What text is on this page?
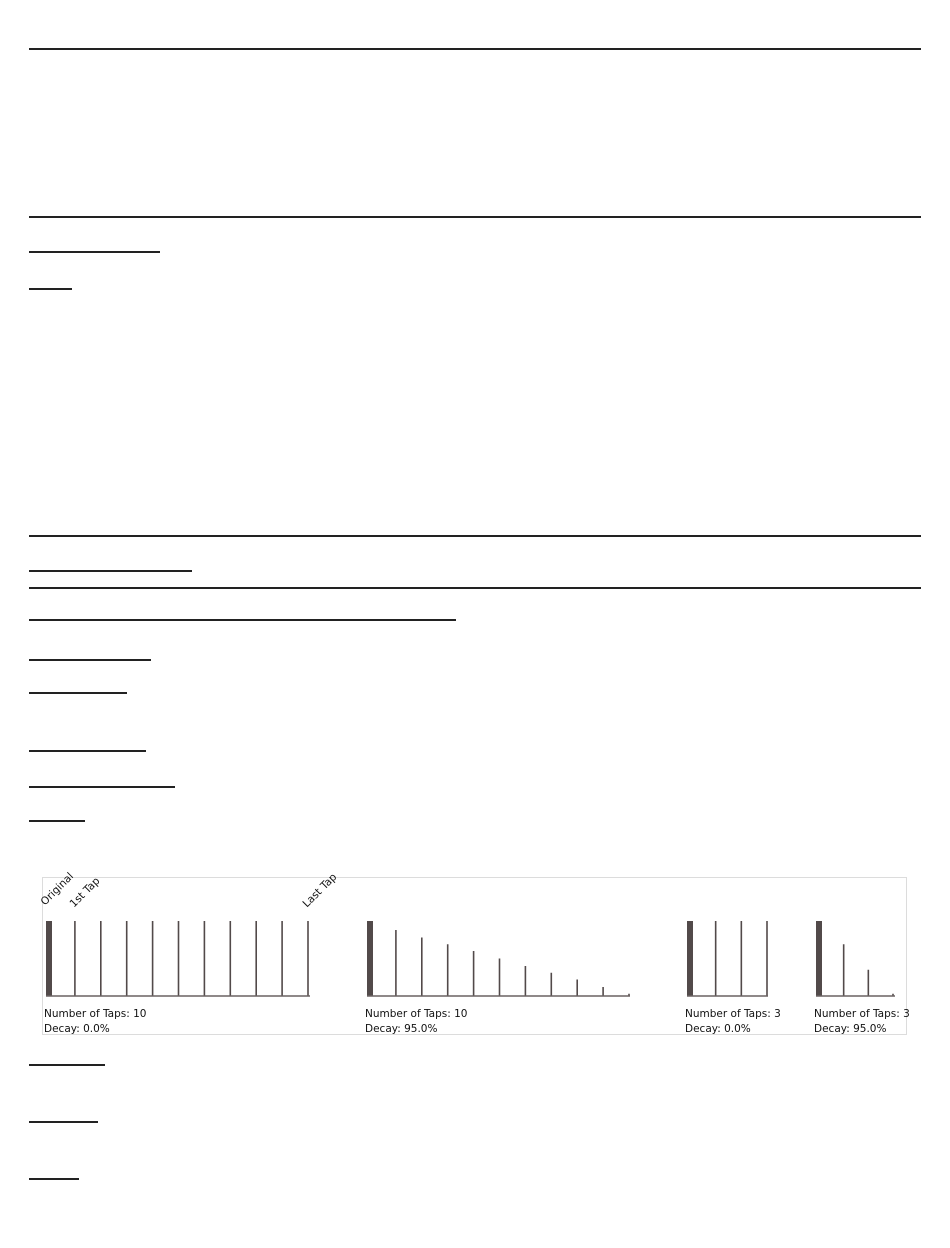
Original
1st Tap	Last Tap
Number of Taps: 10
Decay: 0.0%
Number of Taps: 10
Decay: 95.0%
Number of Taps: 3
Decay: 0.0%
Number of Taps: 3
Decay: 95.0%
